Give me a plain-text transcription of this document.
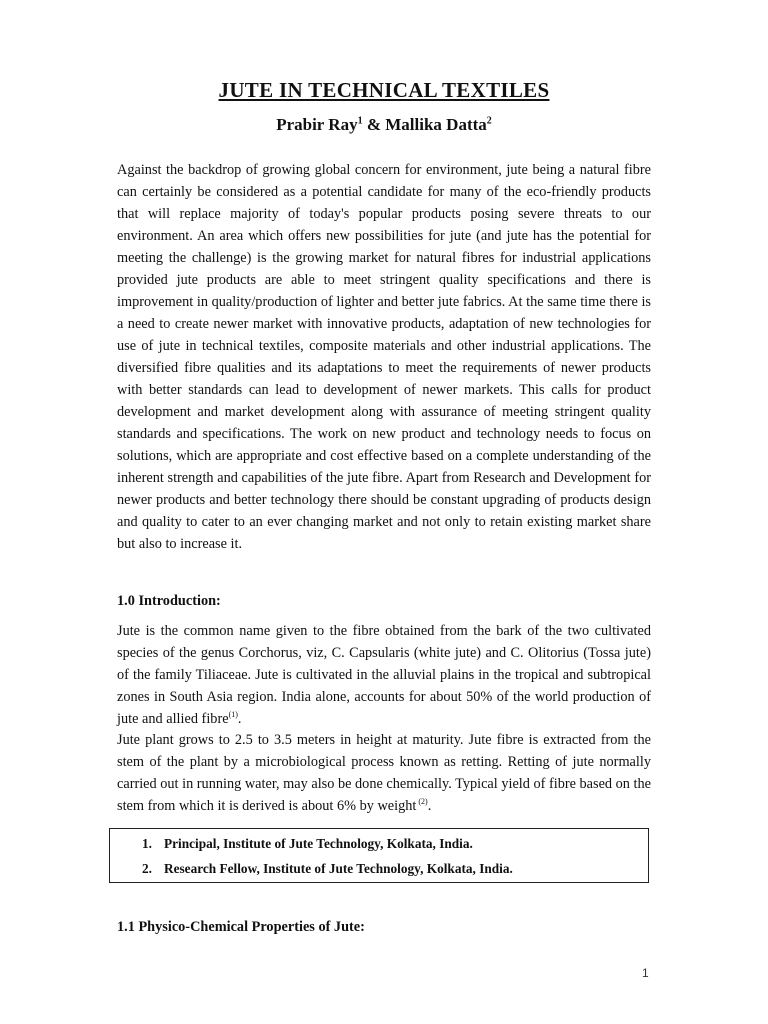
JUTE IN TECHNICAL TEXTILES
Prabir Ray$^1$ & Mallika Datta$^2$

Against the backdrop of growing global concern for environment, jute being a natural fibre can certainly be considered as a potential candidate for many of the eco-friendly products that will replace majority of today's popular products posing severe threats to our environment. An area which offers new possibilities for jute (and jute has the potential for meeting the challenge) is the growing market for natural fibres for industrial applications provided jute products are able to meet stringent quality specifications and there is improvement in quality/production of lighter and better jute fabrics. At the same time there is a need to create newer market with innovative products, adaptation of new technologies for use of jute in technical textiles, composite materials and other industrial applications. The diversified fibre qualities and its adaptations to meet the requirements of newer products with better standards can lead to development of newer markets. This calls for product development and market development along with assurance of meeting stringent quality standards and specifications. The work on new product and technology needs to focus on solutions, which are appropriate and cost effective based on a complete understanding of the inherent strength and capabilities of the jute fibre. Apart from Research and Development for newer products and better technology there should be constant upgrading of products design and quality to cater to an ever changing market and not only to retain existing market share but also to increase it.

1.0 Introduction:

Jute is the common name given to the fibre obtained from the bark of the two cultivated species of the genus Corchorus, viz, C. Capsularis (white jute) and C. Olitorius (Tossa jute) of the family Tiliaceae. Jute is cultivated in the alluvial plains in the tropical and subtropical zones in South Asia region. India alone, accounts for about 50% of the world production of jute and allied fibre$^{(1)}$.

Jute plant grows to 2.5 to 3.5 meters in height at maturity. Jute fibre is extracted from the stem of the plant by a microbiological process known as retting. Retting of jute normally carried out in running water, may also be done chemically. Typical yield of fibre based on the stem from which it is derived is about 6% by weight $^{(2)}$.

1. Principal, Institute of Jute Technology, Kolkata, India.
2. Research Fellow, Institute of Jute Technology, Kolkata, India.

1.1 Physico-Chemical Properties of Jute:

1
